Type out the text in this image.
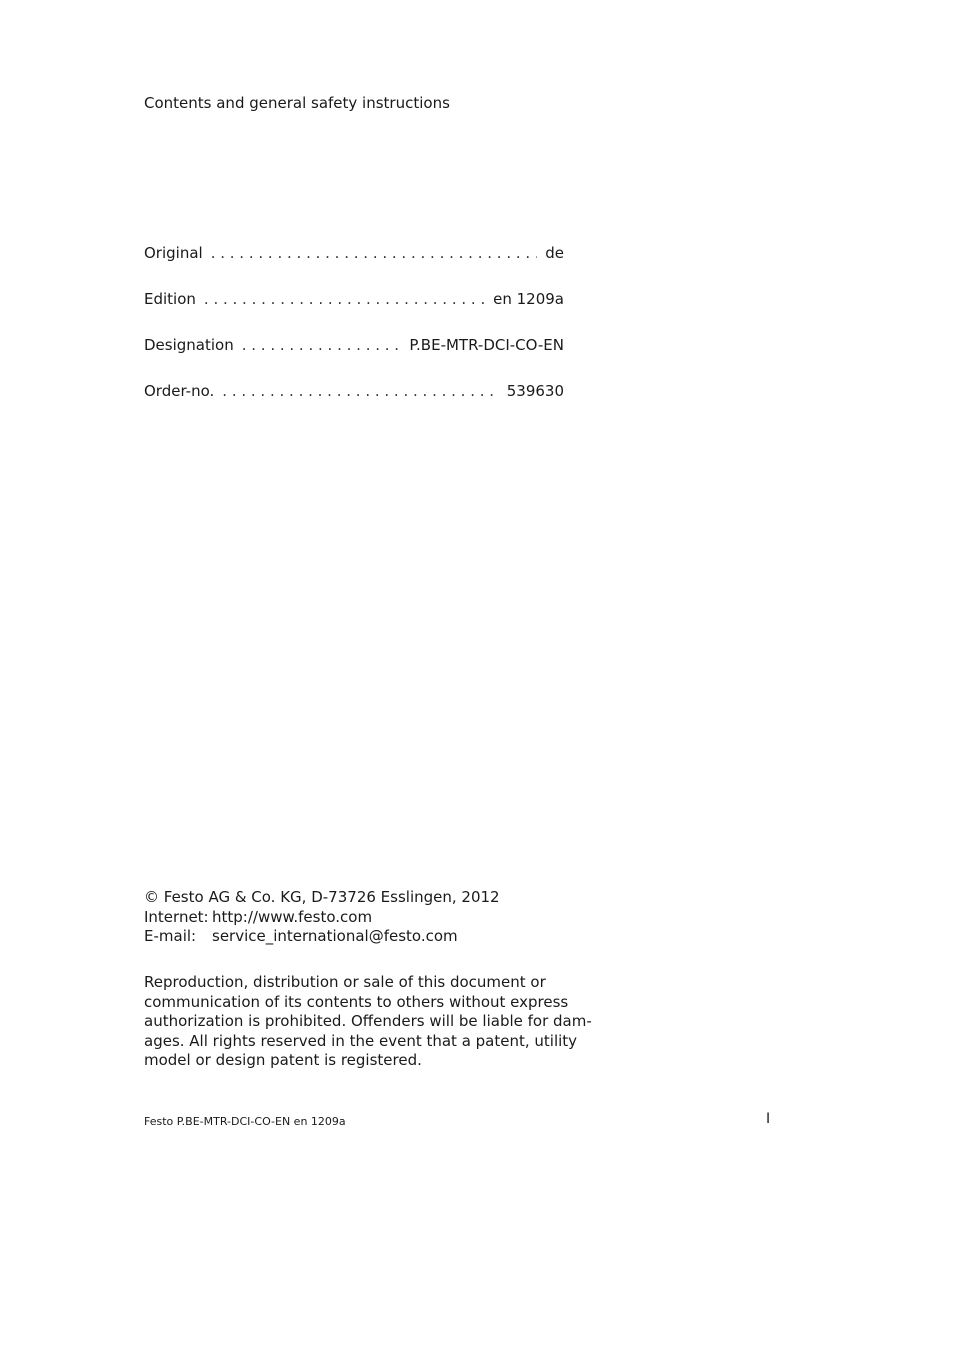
Contents and general safety instructions
Original . . .	de
Edition . . .	en 1209a
Designation . . .	P.BE-MTR-DCI-CO-EN
Order-no. . . .	539630
© Festo AG & Co. KG, D-73726 Esslingen, 2012
Internet: http://www.festo.com
E-mail: service_international@festo.com
Reproduction, distribution or sale of this document or
communication of its contents to others without express
authorization is prohibited. Offenders will be liable for dam-
ages. All rights reserved in the event that a patent, utility
model or design patent is registered.
Festo P.BE-MTR-DCI-CO-EN en 1209a	I
